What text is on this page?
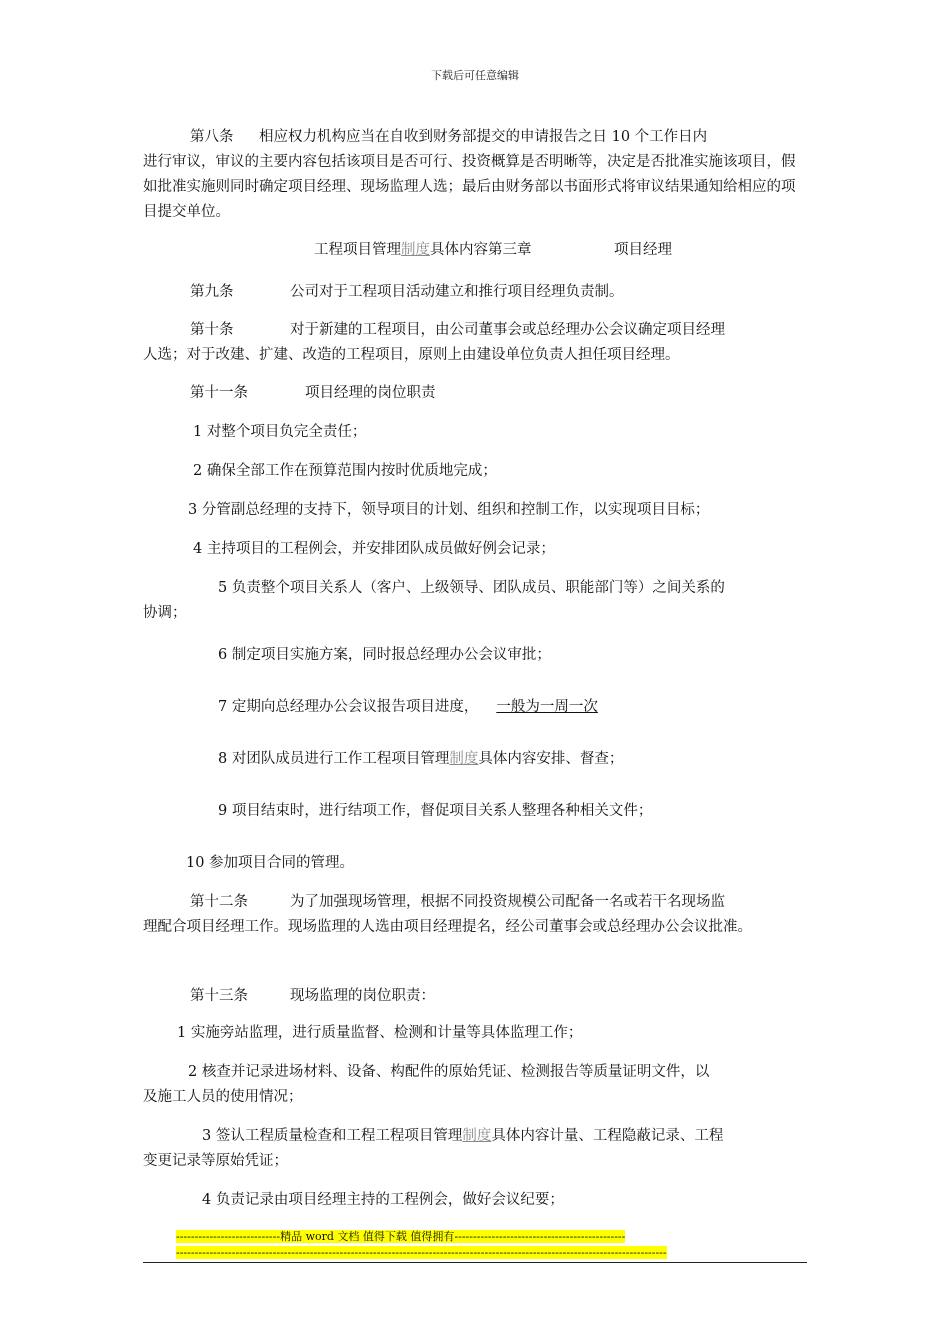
下载后可任意编辑
第八条 相应权力机构应当在自收到财务部提交的申请报告之日 10 个工作日内
进行审议，审议的主要内容包括该项目是否可行、投资概算是否明晰等，决定是否批准实施该项目，假如批准实施则同时确定项目经理、现场监理人选；最后由财务部以书面形式将审议结果通知给相应的项目提交单位。
工程项目管理制度具体内容第三章	项目经理
第九条	公司对于工程项目活动建立和推行项目经理负责制。
第十条	对于新建的工程项目，由公司董事会或总经理办公会议确定项目经理
人选；对于改建、扩建、改造的工程项目，原则上由建设单位负责人担任项目经理。
第十一条	项目经理的岗位职责
1 对整个项目负完全责任；
2 确保全部工作在预算范围内按时优质地完成；
3 分管副总经理的支持下，领导项目的计划、组织和控制工作，以实现项目目标；
4 主持项目的工程例会，并安排团队成员做好例会记录；
5 负责整个项目关系人（客户、上级领导、团队成员、职能部门等）之间关系的
协调；
6 制定项目实施方案，同时报总经理办公会议审批；
7 定期向总经理办公会议报告项目进度， 一般为一周一次
8 对团队成员进行工作工程项目管理制度具体内容安排、督查；
9 项目结束时，进行结项工作，督促项目关系人整理各种相关文件；
10 参加项目合同的管理。
第十二条	为了加强现场管理，根据不同投资规模公司配备一名或若干名现场监
理配合项目经理工作。现场监理的人选由项目经理提名，经公司董事会或总经理办公会议批准。
第十三条	现场监理的岗位职责：
1 实施旁站监理，进行质量监督、检测和计量等具体监理工作；
2 核查并记录进场材料、设备、构配件的原始凭证、检测报告等质量证明文件，以
及施工人员的使用情况；
3 签认工程质量检查和工程工程项目管理制度具体内容计量、工程隐蔽记录、工程
变更记录等原始凭证；
4 负责记录由项目经理主持的工程例会，做好会议纪要；
----------------------------精品 word 文档 值得下载 值得拥有----------------------------------------------
------------------------------------------------------------------------------------------------------------------------------------
